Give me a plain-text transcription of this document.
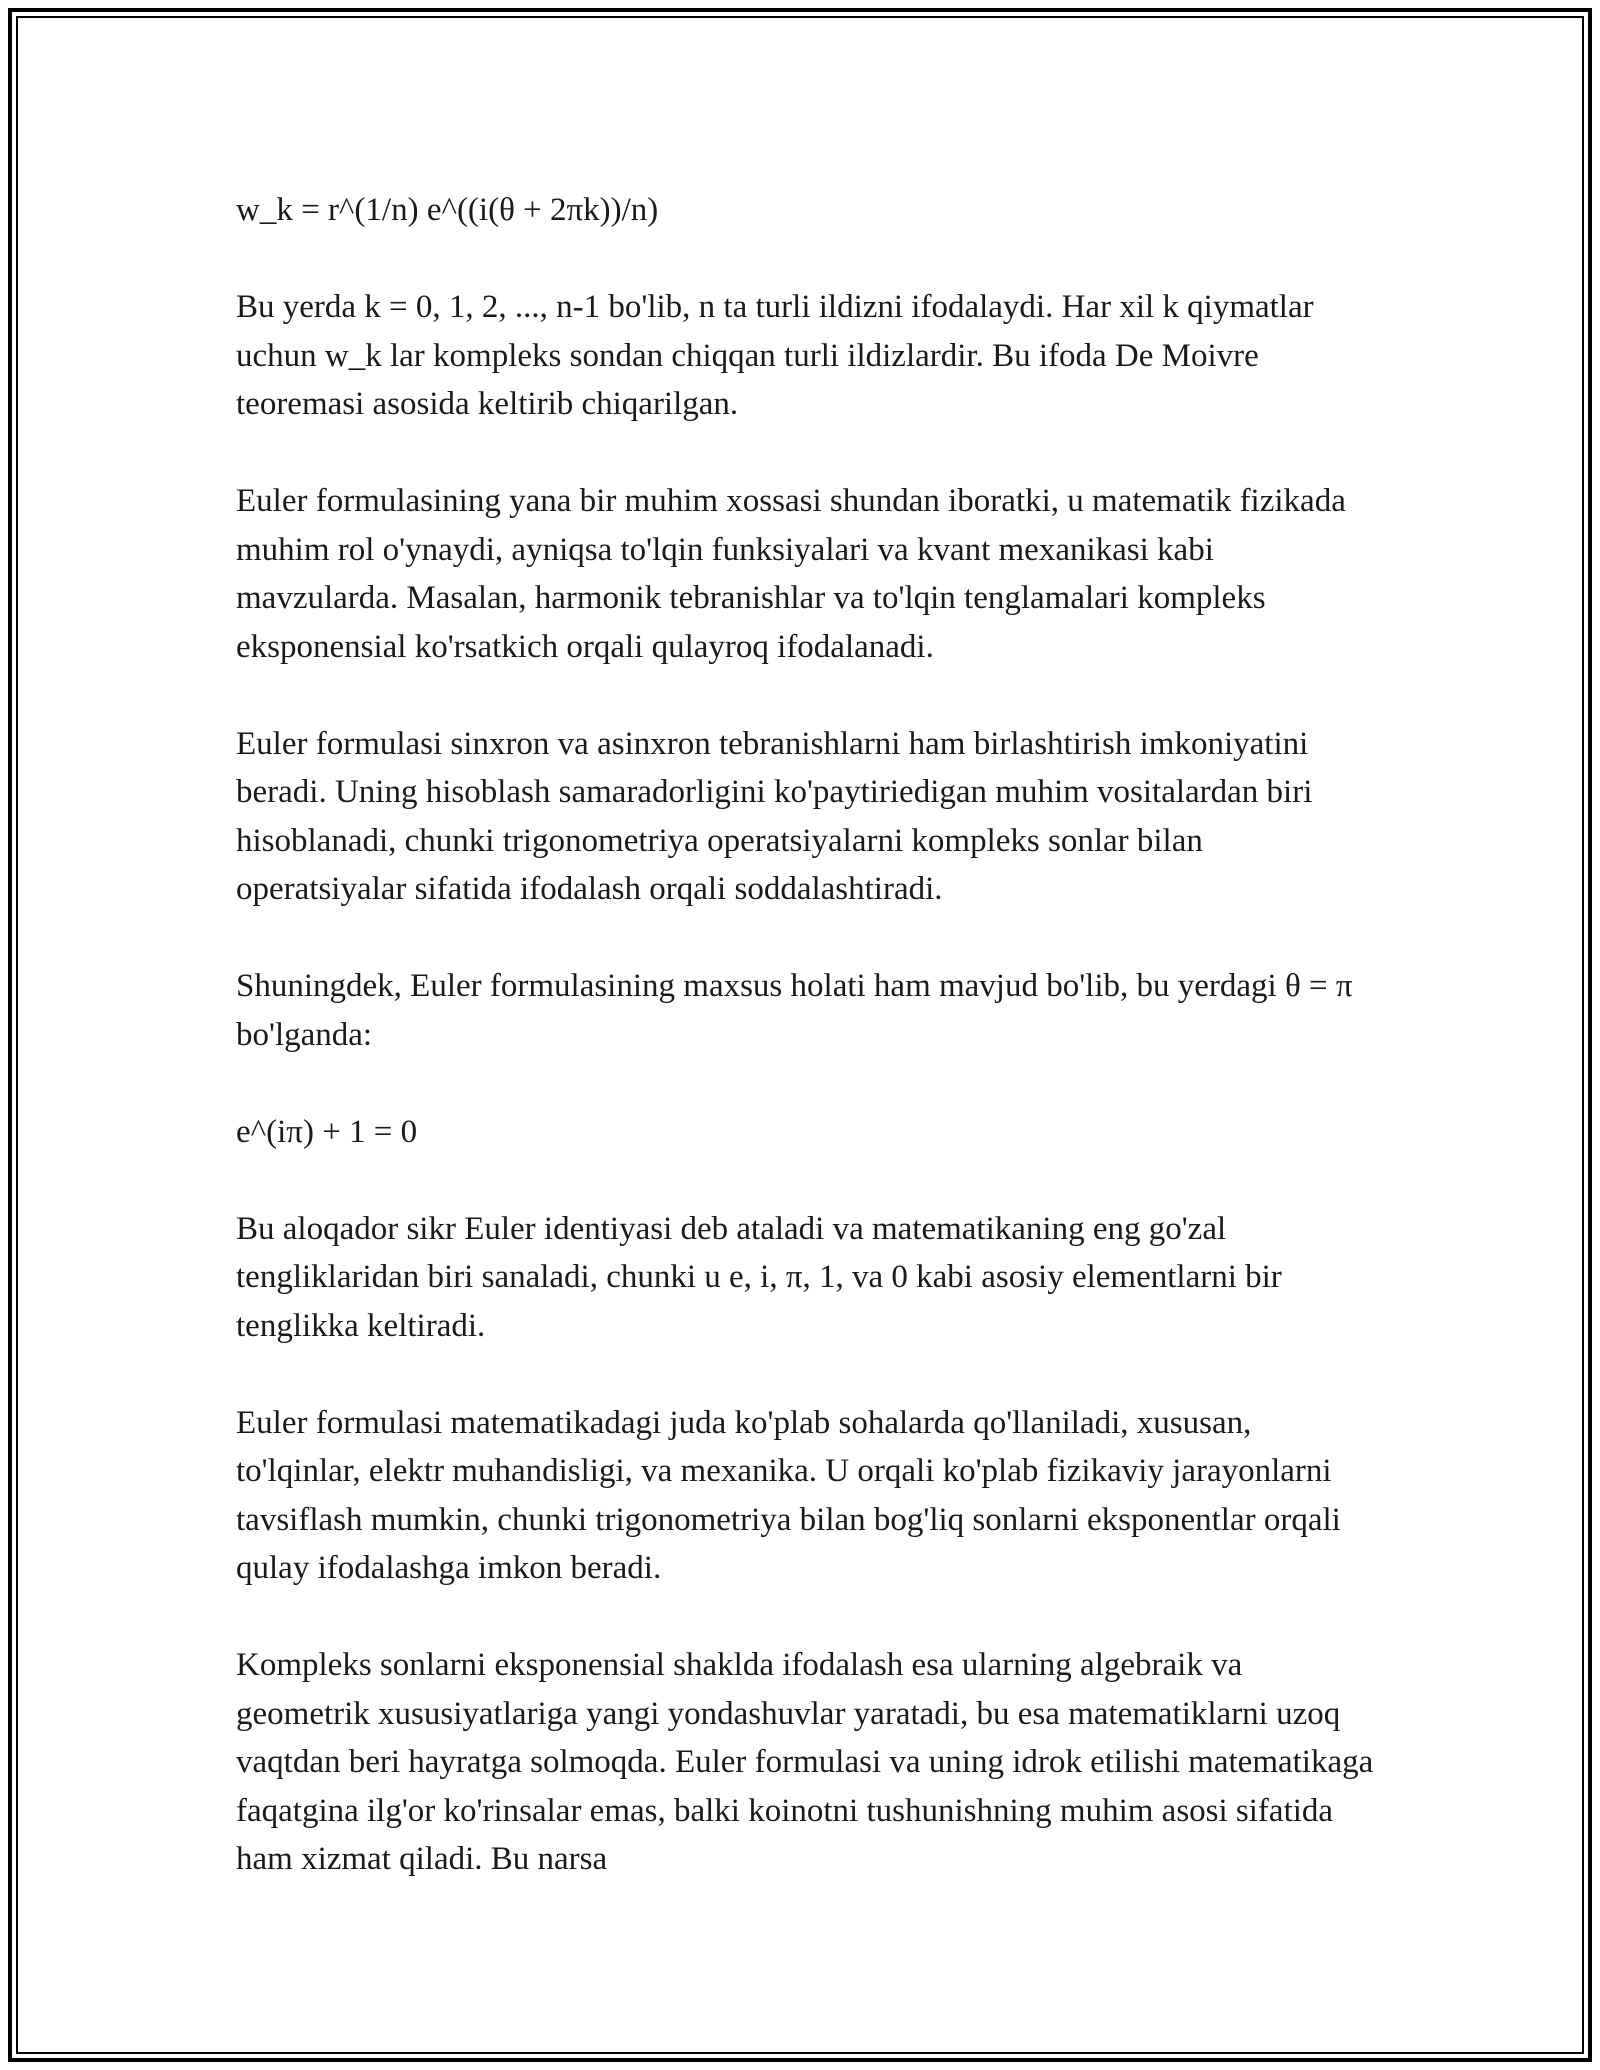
w_k = r^(1/n) e^((i(θ + 2πk))/n)

Bu yerda k = 0, 1, 2, ..., n-1 bo'lib, n ta turli ildizni ifodalaydi. Har xil k qiymatlar uchun w_k lar kompleks sondan chiqqan turli ildizlardir. Bu ifoda De Moivre teoremasi asosida keltirib chiqarilgan.

Euler formulasining yana bir muhim xossasi shundan iboratki, u matematik fizikada muhim rol o'ynaydi, ayniqsa to'lqin funksiyalari va kvant mexanikasi kabi mavzularda. Masalan, harmonik tebranishlar va to'lqin tenglamalari kompleks eksponensial ko'rsatkich orqali qulayroq ifodalanadi.

Euler formulasi sinxron va asinxron tebranishlarni ham birlashtirish imkoniyatini beradi. Uning hisoblash samaradorligini ko'paytiriedigan muhim vositalardan biri hisoblanadi, chunki trigonometriya operatsiyalarni kompleks sonlar bilan operatsiyalar sifatida ifodalash orqali soddalashtiradi.

Shuningdek, Euler formulasining maxsus holati ham mavjud bo'lib, bu yerdagi θ = π bo'lganda:

e^(iπ) + 1 = 0

Bu aloqador sikr Euler identiyasi deb ataladi va matematikaning eng go'zal tengliklaridan biri sanaladi, chunki u e, i, π, 1, va 0 kabi asosiy elementlarni bir tenglikka keltiradi.

Euler formulasi matematikadagi juda ko'plab sohalarda qo'llaniladi, xususan, to'lqinlar, elektr muhandisligi, va mexanika. U orqali ko'plab fizikaviy jarayonlarni tavsiflash mumkin, chunki trigonometriya bilan bog'liq sonlarni eksponentlar orqali qulay ifodalashga imkon beradi.

Kompleks sonlarni eksponensial shaklda ifodalash esa ularning algebraik va geometrik xususiyatlariga yangi yondashuvlar yaratadi, bu esa matematiklarni uzoq vaqtdan beri hayratga solmoqda. Euler formulasi va uning idrok etilishi matematikaga faqatgina ilg'or ko'rinsalar emas, balki koinotni tushunishning muhim asosi sifatida ham xizmat qiladi. Bu narsa
